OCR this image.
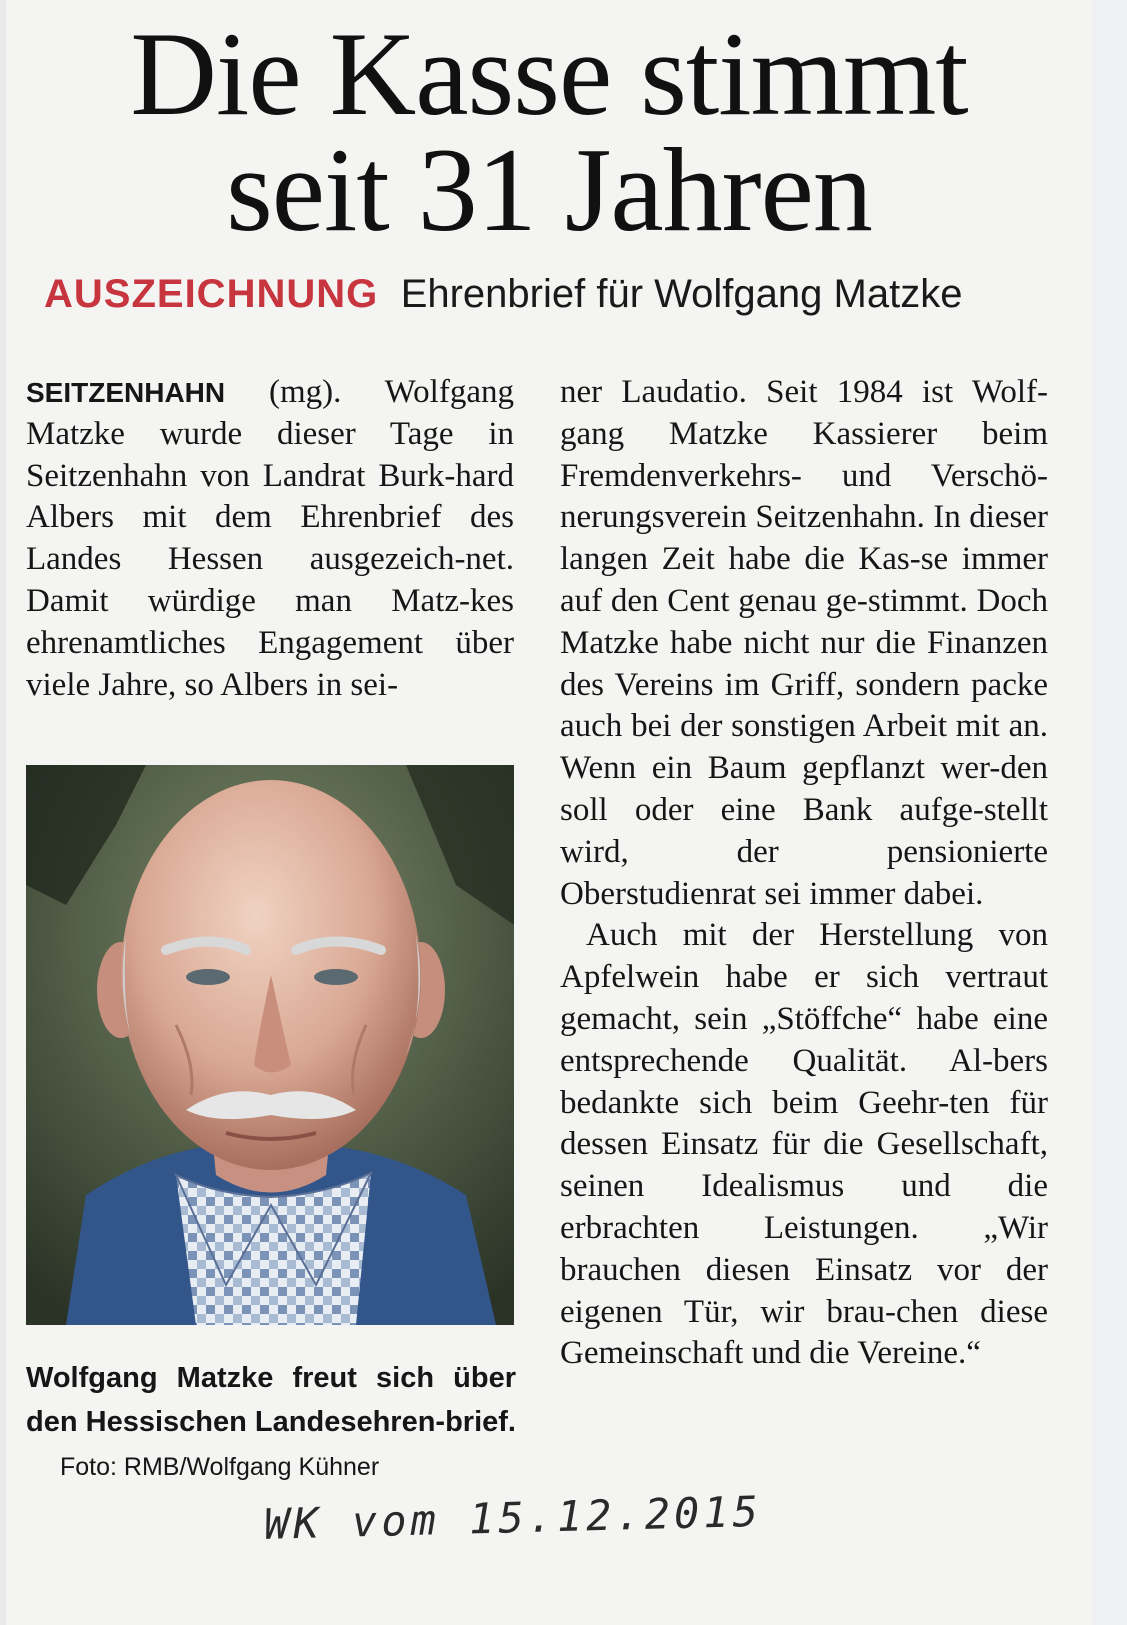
Die Kasse stimmt
seit 31 Jahren
AUSZEICHNUNG Ehrenbrief für Wolfgang Matzke

SEITZENHAHN (mg). Wolfgang Matzke wurde dieser Tage in Seitzenhahn von Landrat Burk-hard Albers mit dem Ehrenbrief des Landes Hessen ausgezeich-net. Damit würdige man Matz-kes ehrenamtliches Engagement über viele Jahre, so Albers in sei-

Wolfgang Matzke freut sich über den Hessischen Landesehren-brief. Foto: RMB/Wolfgang Kühner

ner Laudatio. Seit 1984 ist Wolf-gang Matzke Kassierer beim Fremdenverkehrs- und Verschö-nerungsverein Seitzenhahn. In dieser langen Zeit habe die Kas-se immer auf den Cent genau ge-stimmt. Doch Matzke habe nicht nur die Finanzen des Vereins im Griff, sondern packe auch bei der sonstigen Arbeit mit an. Wenn ein Baum gepflanzt wer-den soll oder eine Bank aufge-stellt wird, der pensionierte Oberstudienrat sei immer dabei.

Auch mit der Herstellung von Apfelwein habe er sich vertraut gemacht, sein „Stöffche“ habe eine entsprechende Qualität. Al-bers bedankte sich beim Geehr-ten für dessen Einsatz für die Gesellschaft, seinen Idealismus und die erbrachten Leistungen. „Wir brauchen diesen Einsatz vor der eigenen Tür, wir brau-chen diese Gemeinschaft und die Vereine.“

WK vom 15.12.2015
